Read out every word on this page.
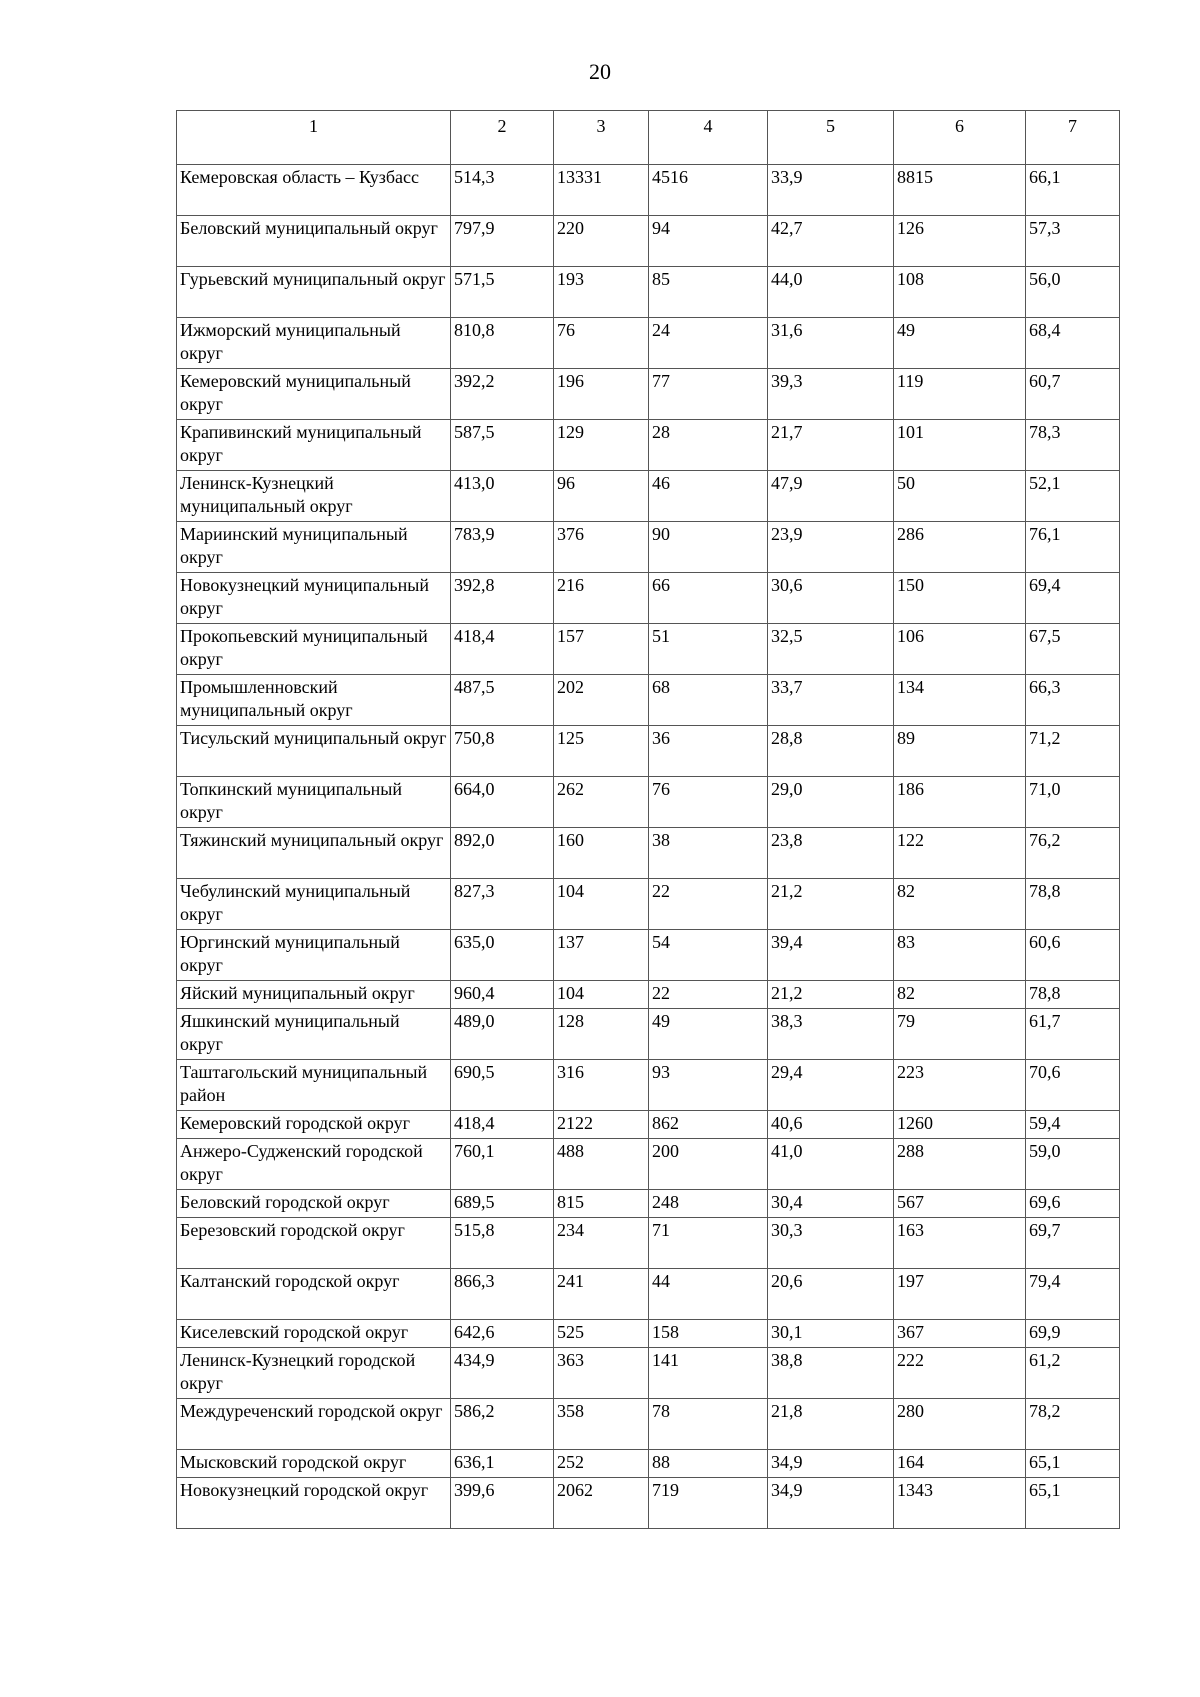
20
1	2	3	4	5	6	7
Кемеровская область – Кузбасс	514,3	13331	4516	33,9	8815	66,1
Беловский муниципальный округ	797,9	220	94	42,7	126	57,3
Гурьевский муниципальный округ	571,5	193	85	44,0	108	56,0
Ижморский муниципальный округ	810,8	76	24	31,6	49	68,4
Кемеровский муниципальный округ	392,2	196	77	39,3	119	60,7
Крапивинский муниципальный округ	587,5	129	28	21,7	101	78,3
Ленинск-Кузнецкий муниципальный округ	413,0	96	46	47,9	50	52,1
Мариинский муниципальный округ	783,9	376	90	23,9	286	76,1
Новокузнецкий муниципальный округ	392,8	216	66	30,6	150	69,4
Прокопьевский муниципальный округ	418,4	157	51	32,5	106	67,5
Промышленновский муниципальный округ	487,5	202	68	33,7	134	66,3
Тисульский муниципальный округ	750,8	125	36	28,8	89	71,2
Топкинский муниципальный округ	664,0	262	76	29,0	186	71,0
Тяжинский муниципальный округ	892,0	160	38	23,8	122	76,2
Чебулинский муниципальный округ	827,3	104	22	21,2	82	78,8
Юргинский муниципальный округ	635,0	137	54	39,4	83	60,6
Яйский муниципальный округ	960,4	104	22	21,2	82	78,8
Яшкинский муниципальный округ	489,0	128	49	38,3	79	61,7
Таштагольский муниципальный район	690,5	316	93	29,4	223	70,6
Кемеровский городской округ	418,4	2122	862	40,6	1260	59,4
Анжеро-Судженский городской округ	760,1	488	200	41,0	288	59,0
Беловский городской округ	689,5	815	248	30,4	567	69,6
Березовский городской округ	515,8	234	71	30,3	163	69,7
Калтанский городской округ	866,3	241	44	20,6	197	79,4
Киселевский городской округ	642,6	525	158	30,1	367	69,9
Ленинск-Кузнецкий городской округ	434,9	363	141	38,8	222	61,2
Междуреченский городской округ	586,2	358	78	21,8	280	78,2
Мысковский городской округ	636,1	252	88	34,9	164	65,1
Новокузнецкий городской округ	399,6	2062	719	34,9	1343	65,1
